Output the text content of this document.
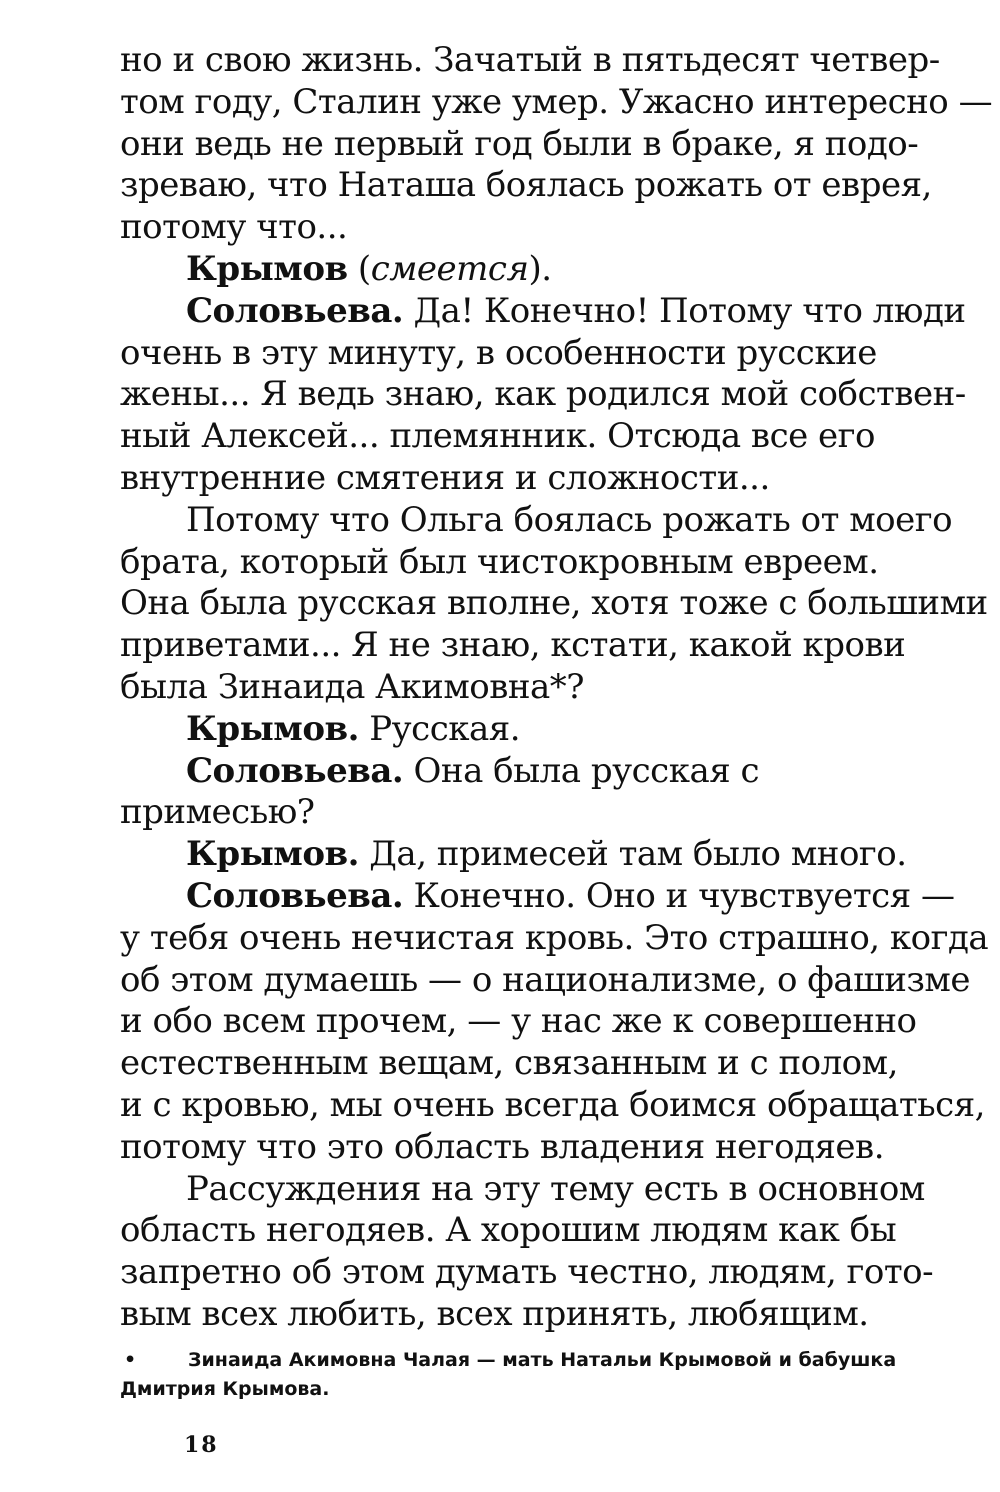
но и свою жизнь. Зачатый в пятьдесят четвер-
том году, Сталин уже умер. Ужасно интересно —
они ведь не первый год были в браке, я подо-
зреваю, что Наташа боялась рожать от еврея,
потому что...

Крымов (смеется).

Соловьева. Да! Конечно! Потому что люди
очень в эту минуту, в особенности русские
жены... Я ведь знаю, как родился мой собствен-
ный Алексей... племянник. Отсюда все его
внутренние смятения и сложности...

Потому что Ольга боялась рожать от моего
брата, который был чистокровным евреем.
Она была русская вполне, хотя тоже с большими
приветами... Я не знаю, кстати, какой крови
была Зинаида Акимовна*?

Крымов. Русская.

Соловьева. Она была русская с примесью?

Крымов. Да, примесей там было много.

Соловьева. Конечно. Оно и чувствуется —
у тебя очень нечистая кровь. Это страшно, когда
об этом думаешь — о национализме, о фашизме
и обо всем прочем, — у нас же к совершенно
естественным вещам, связанным и с полом,
и с кровью, мы очень всегда боимся обращаться,
потому что это область владения негодяев.

Рассуждения на эту тему есть в основном
область негодяев. А хорошим людям как бы
запретно об этом думать честно, людям, гото-
вым всех любить, всех принять, любящим.

•	Зинаида Акимовна Чалая — мать Натальи Крымовой и бабушка
Дмитрия Крымова.

18
